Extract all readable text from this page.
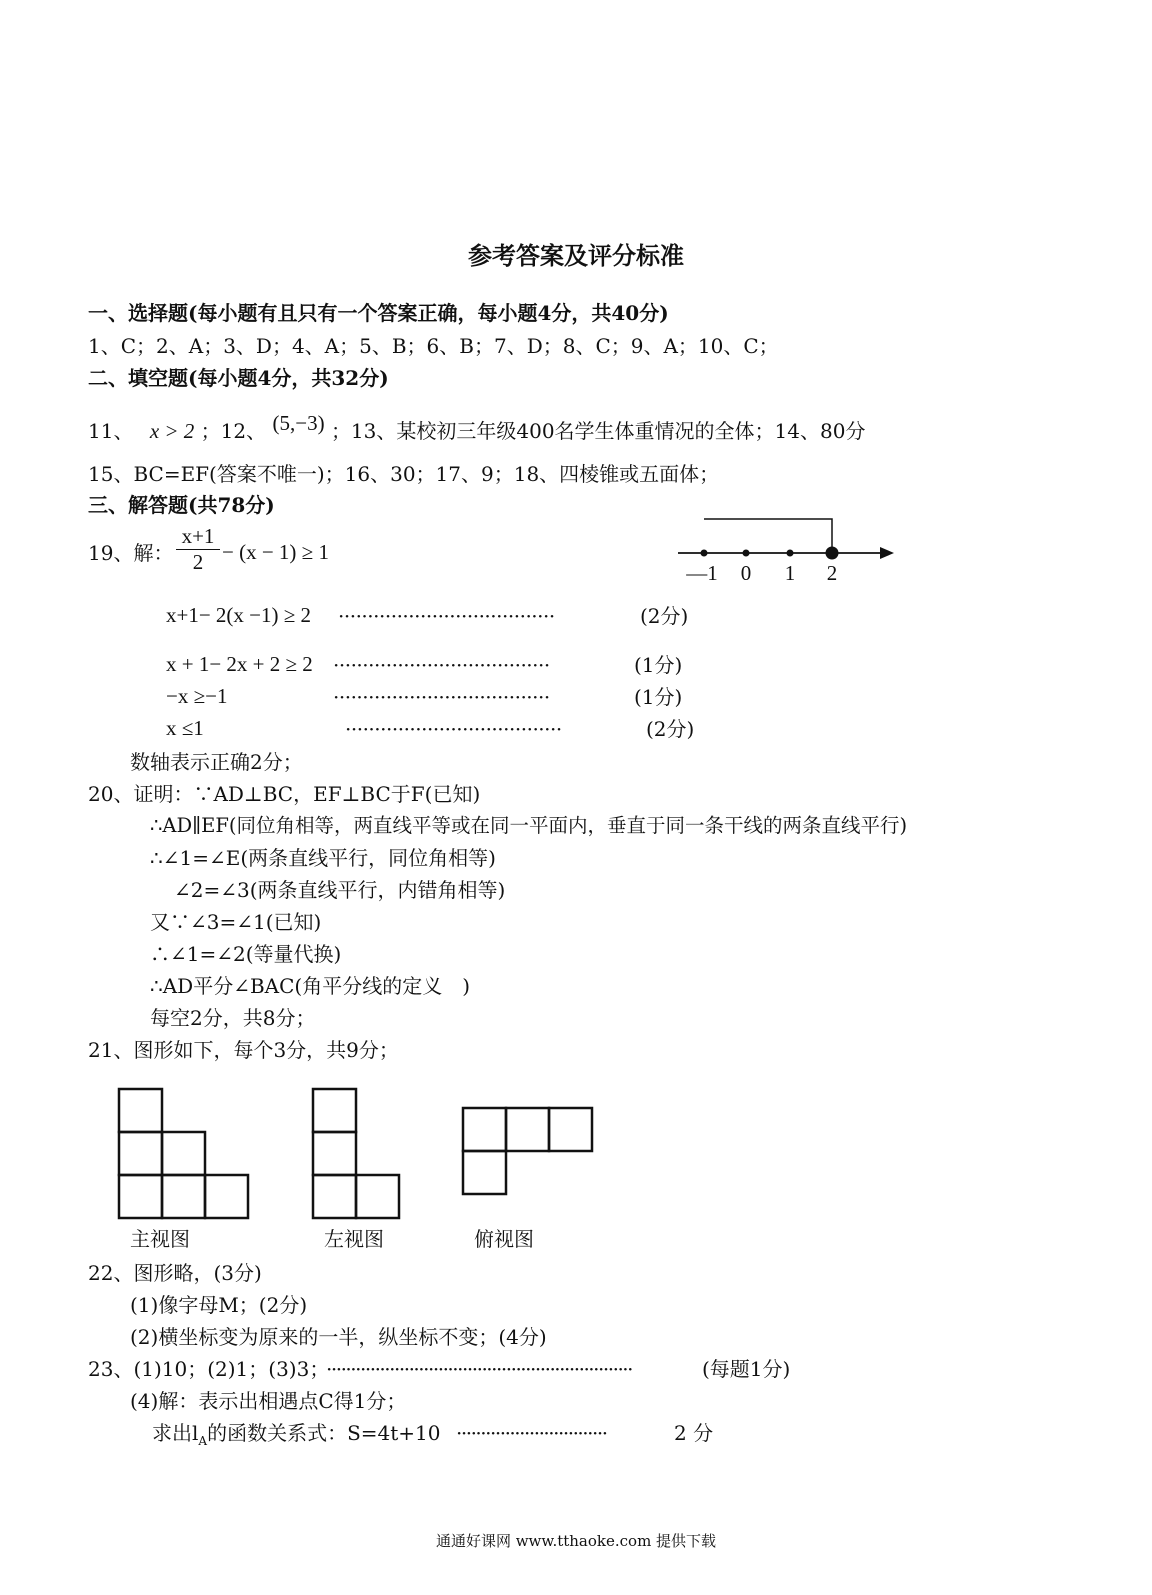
参考答案及评分标准
一、选择题(每小题有且只有一个答案正确，每小题4分，共40分)
1、C；2、A；3、D；4、A；5、B；6、B；7、D；8、C；9、A；10、C；
二、填空题(每小题4分，共32分)
11、 x > 2 ；12、 (5,−3) ；13、某校初三年级400名学生体重情况的全体；14、80分
15、BC=EF(答案不唯一)；16、30；17、9；18、四棱锥或五面体；
三、解答题(共78分)
19、解：
x+1
2 − (x − 1) ≥ 1
—1 0 1 2
x+1− 2(x −1) ≥ 2 ·····································	(2分)
x + 1− 2x + 2 ≥ 2 ·····································	(1分)
−x ≥−1	·····································	(1分)
x ≤1	·····································	(2分)
数轴表示正确2分；
20、证明：∵AD⊥BC，EF⊥BC于F(已知)
∴AD∥EF(同位角相等，两直线平等或在同一平面内，垂直于同一条干线的两条直线平行)
∴∠1=∠E(两条直线平行，同位角相等)
∠2=∠3(两条直线平行，内错角相等)
又∵∠3=∠1(已知)
∴∠1=∠2(等量代换)
∴AD平分∠BAC(角平分线的定义　)
每空2分，共8分；
21、图形如下，每个3分，共9分；
主视图	左视图	俯视图
22、图形略，(3分)
(1)像字母M；(2分)
(2)横坐标变为原来的一半，纵坐标不变；(4分)
23、(1)10；(2)1；(3)3；
·······························································	(每题1分)
(4)解：表示出相遇点C得1分；
求出$l_A$的函数关系式：S=4t+10 ·······························	2 分
通通好课网 www.tthaoke.com 提供下载
